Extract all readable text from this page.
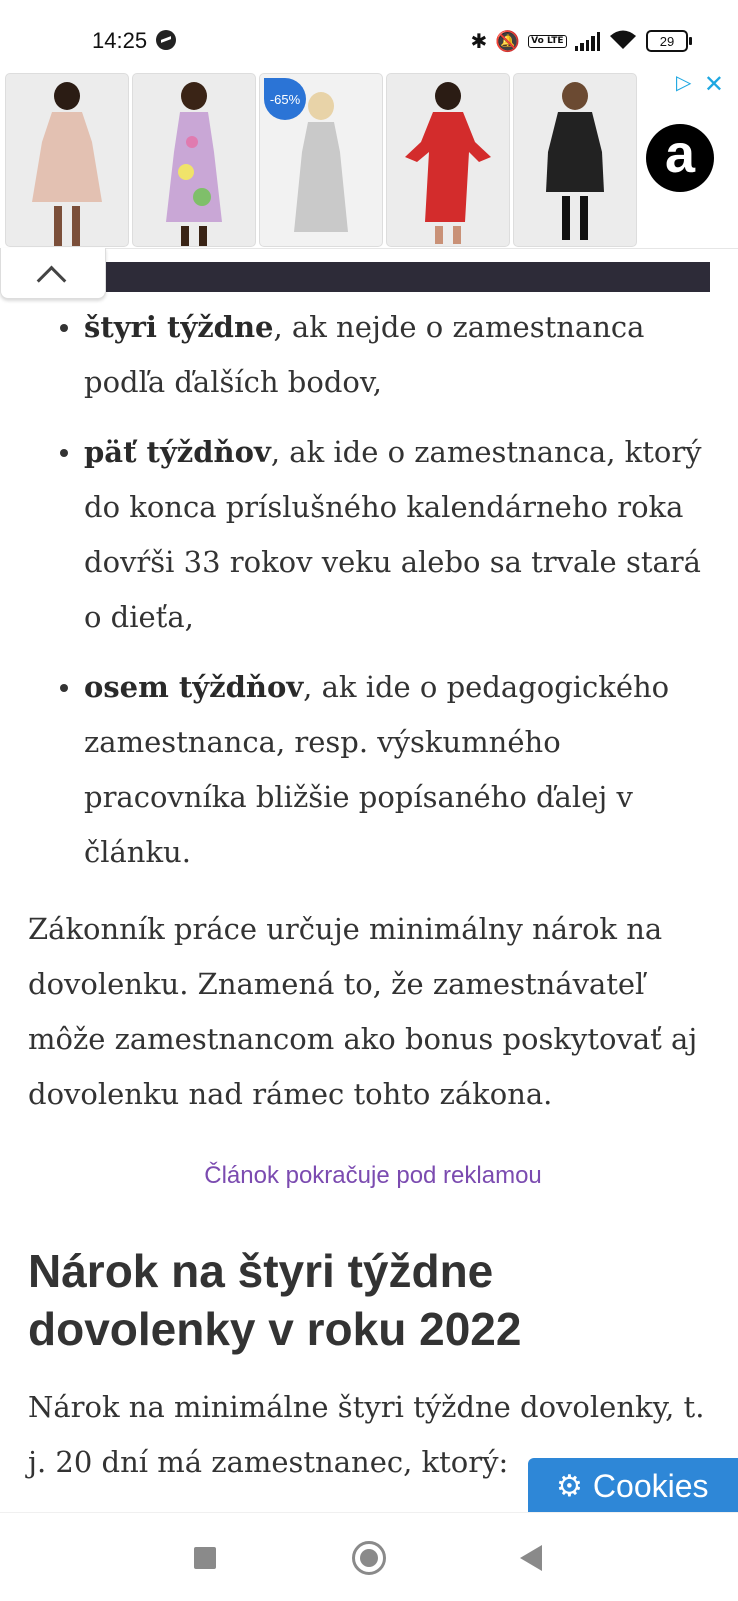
14:25	✱ 🔕	Vo LTE	29
-65%
▷ ✕
a
štyri týždne, ak nejde o zamestnanca podľa ďalších bodov,
päť týždňov, ak ide o zamestnanca, ktorý do konca príslušného kalendárneho roka dovŕši 33 rokov veku alebo sa trvale stará o dieťa,
osem týždňov, ak ide o pedagogického zamestnanca, resp. výskumného pracovníka bližšie popísaného ďalej v článku.

Zákonník práce určuje minimálny nárok na dovolenku. Znamená to, že zamestnávateľ môže zamestnancom ako bonus poskytovať aj dovolenku nad rámec tohto zákona.

Článok pokračuje pod reklamou
Nárok na štyri týždne dovolenky v roku 2022

Nárok na minimálne štyri týždne dovolenky, t. j. 20 dní má zamestnanec, ktorý:

⚙ Cookies
